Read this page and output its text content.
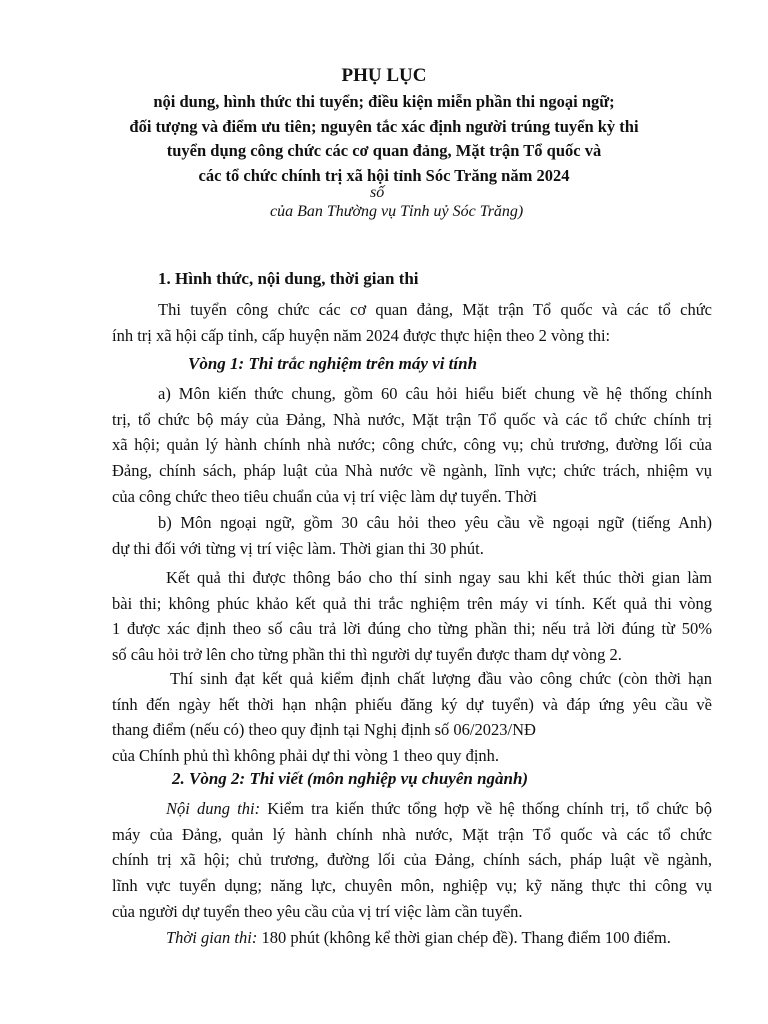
PHỤ LỤC
nội dung, hình thức thi tuyển; điều kiện miễn phần thi ngoại ngữ;
đối tượng và điểm ưu tiên; nguyên tắc xác định người trúng tuyển kỳ thi
tuyển dụng công chức các cơ quan đảng, Mặt trận Tổ quốc và
các tổ chức chính trị xã hội tỉnh Sóc Trăng năm 2024
số
của Ban Thường vụ Tỉnh uỷ Sóc Trăng)
1. Hình thức, nội dung, thời gian thi
Thi tuyển công chức các cơ quan đảng, Mặt trận Tổ quốc và các tổ chức
ính trị xã hội cấp tỉnh, cấp huyện năm 2024 được thực hiện theo 2 vòng thi:
Vòng 1: Thi trắc nghiệm trên máy vi tính
a) Môn kiến thức chung, gồm 60 câu hỏi hiểu biết chung về hệ thống chính
trị, tổ chức bộ máy của Đảng, Nhà nước, Mặt trận Tổ quốc và các tổ chức chính trị
xã hội; quản lý hành chính nhà nước; công chức, công vụ; chủ trương, đường lối của
Đảng, chính sách, pháp luật của Nhà nước về ngành, lĩnh vực; chức trách, nhiệm vụ
của công chức theo tiêu chuẩn của vị trí việc làm dự tuyển. Thời
b) Môn ngoại ngữ, gồm 30 câu hỏi theo yêu cầu về ngoại ngữ (tiếng Anh)
dự thi đối với từng vị trí việc làm. Thời gian thi 30 phút.
Kết quả thi được thông báo cho thí sinh ngay sau khi kết thúc thời gian làm
bài thi; không phúc khảo kết quả thi trắc nghiệm trên máy vi tính. Kết quả thi vòng
1 được xác định theo số câu trả lời đúng cho từng phần thi; nếu trả lời đúng từ 50%
số câu hỏi trở lên cho từng phần thi thì người dự tuyển được tham dự vòng 2.
Thí sinh đạt kết quả kiểm định chất lượng đầu vào công chức (còn thời hạn
tính đến ngày hết thời hạn nhận phiếu đăng ký dự tuyển) và đáp ứng yêu cầu về
thang điểm (nếu có) theo quy định tại Nghị định số 06/2023/NĐ
của Chính phủ thì không phải dự thi vòng 1 theo quy định.
2. Vòng 2: Thi viết (môn nghiệp vụ chuyên ngành)
Nội dung thi: Kiểm tra kiến thức tổng hợp về hệ thống chính trị, tổ chức bộ
máy của Đảng, quản lý hành chính nhà nước, Mặt trận Tổ quốc và các tổ chức
chính trị xã hội; chủ trương, đường lối của Đảng, chính sách, pháp luật về ngành,
lĩnh vực tuyển dụng; năng lực, chuyên môn, nghiệp vụ; kỹ năng thực thi công vụ
của người dự tuyển theo yêu cầu của vị trí việc làm cần tuyển.
Thời gian thi: 180 phút (không kể thời gian chép đề). Thang điểm 100 điểm.
